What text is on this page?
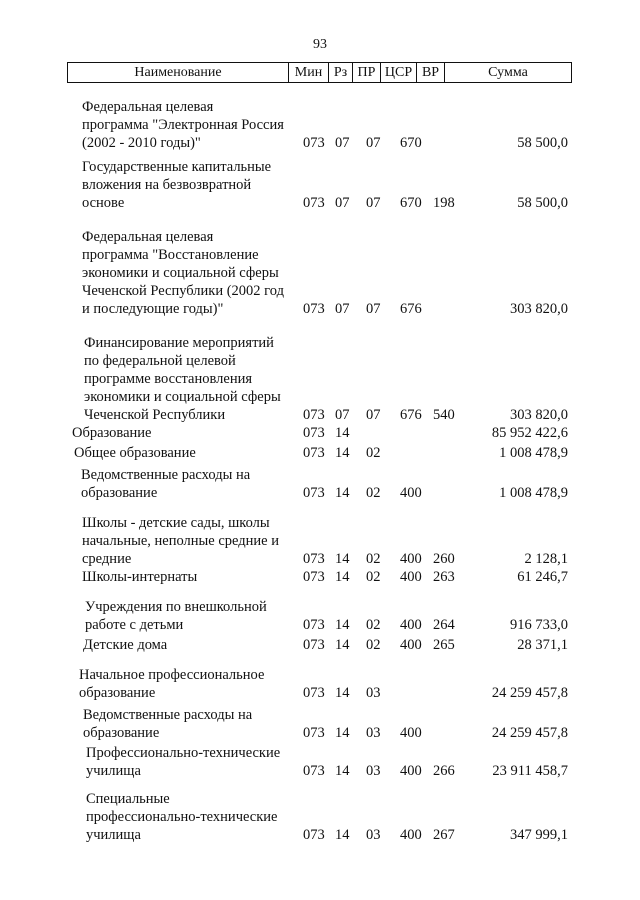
93
Наименование	Мин	Рз	ПР	ЦСР	ВР	Сумма
Федеральная целевая
программа "Электронная Россия
(2002 - 2010 годы)"	073 07 07 670	58 500,0
Государственные капитальные
вложения на безвозвратной
основе	073 07 07 670 198	58 500,0
Федеральная целевая
программа "Восстановление
экономики и социальной сферы
Чеченской Республики (2002 год
и последующие годы)"	073 07 07 676	303 820,0
Финансирование мероприятий
по федеральной целевой
программе восстановления
экономики и социальной сферы
Чеченской Республики	073 07 07 676 540	303 820,0
Образование	073 14	85 952 422,6
Общее образование	073 14 02	1 008 478,9
Ведомственные расходы на
образование	073 14 02 400	1 008 478,9
Школы - детские сады, школы
начальные, неполные средние и
средние	073 14 02 400 260	2 128,1
Школы-интернаты	073 14 02 400 263	61 246,7
Учреждения по внешкольной
работе с детьми	073 14 02 400 264	916 733,0
Детские дома	073 14 02 400 265	28 371,1
Начальное профессиональное
образование	073 14 03	24 259 457,8
Ведомственные расходы на
образование	073 14 03 400	24 259 457,8
Профессионально-технические
училища	073 14 03 400 266	23 911 458,7
Специальные
профессионально-технические
училища	073 14 03 400 267	347 999,1
